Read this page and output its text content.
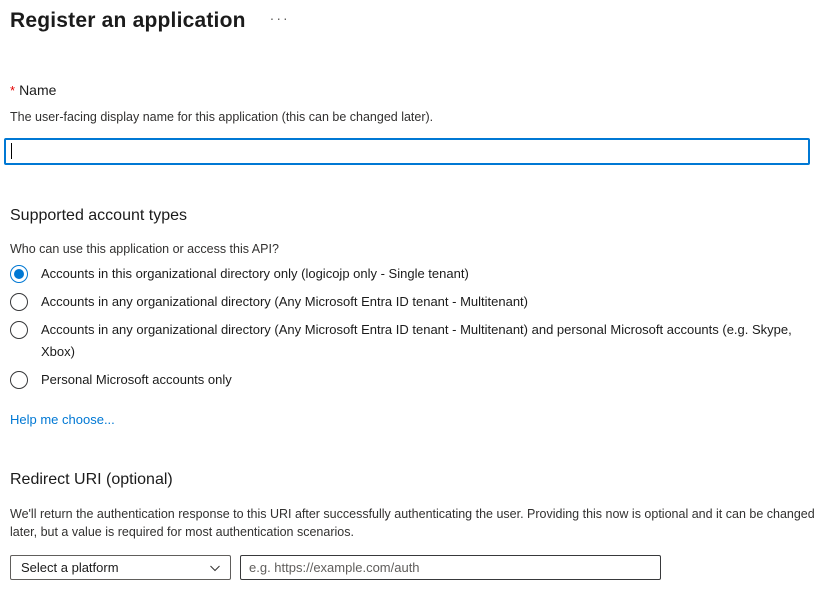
Register an application ···
* Name
The user-facing display name for this application (this can be changed later).
Supported account types
Who can use this application or access this API?
Accounts in this organizational directory only (logicojp only - Single tenant)
Accounts in any organizational directory (Any Microsoft Entra ID tenant - Multitenant)
Accounts in any organizational directory (Any Microsoft Entra ID tenant - Multitenant) and personal Microsoft accounts (e.g. Skype, Xbox)
Personal Microsoft accounts only
Help me choose...
Redirect URI (optional)
We'll return the authentication response to this URI after successfully authenticating the user. Providing this now is optional and it can be changed later, but a value is required for most authentication scenarios.
Select a platform
e.g. https://example.com/auth
